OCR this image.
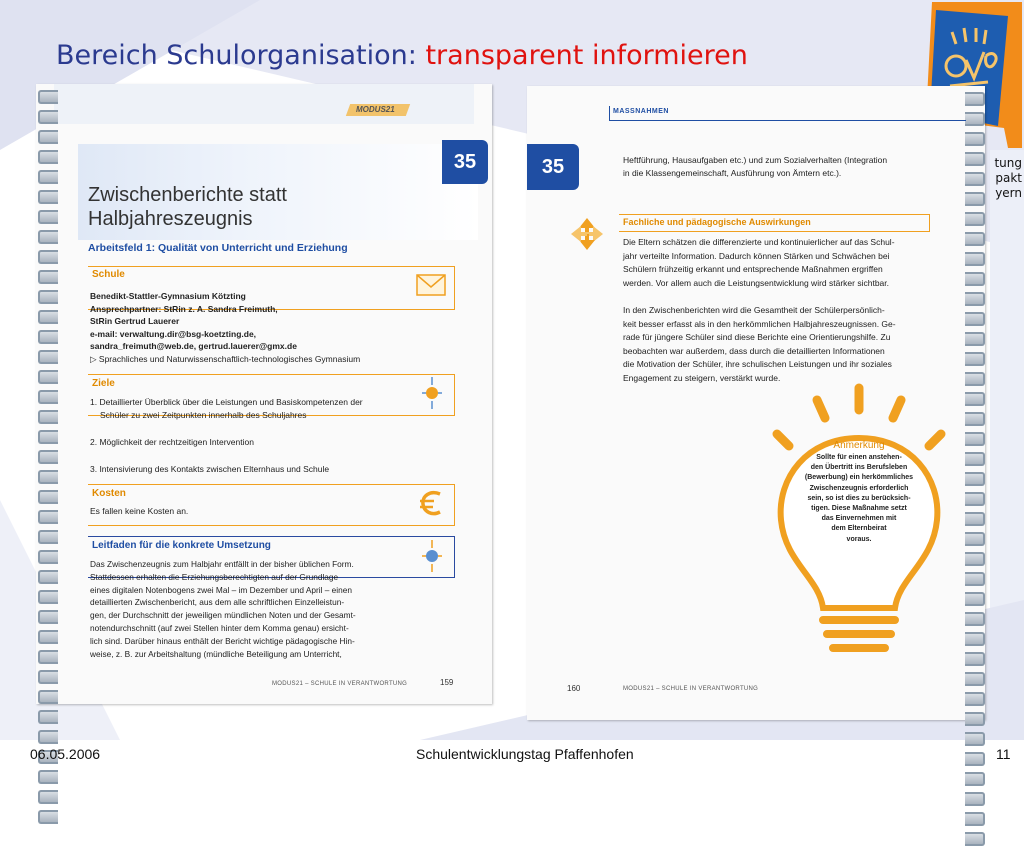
Bereich Schulorganisation: transparent informieren
tung
pakt
yern
MODUS21
35
Zwischenberichte statt
Halbjahreszeugnis
Arbeitsfeld 1: Qualität von Unterricht und Erziehung
Schule
Benedikt-Stattler-Gymnasium Kötzting
Ansprechpartner: StRin z. A. Sandra Freimuth,
StRin Gertrud Lauerer
e-mail: verwaltung.dir@bsg-koetzting.de,
sandra_freimuth@web.de, gertrud.lauerer@gmx.de
▷ Sprachliches und Naturwissenschaftlich-technologisches Gymnasium
Ziele
1. Detaillierter Überblick über die Leistungen und Basiskompetenzen der
Schüler zu zwei Zeitpunkten innerhalb des Schuljahres
2. Möglichkeit der rechtzeitigen Intervention
3. Intensivierung des Kontakts zwischen Elternhaus und Schule
Kosten
Es fallen keine Kosten an.
Leitfaden für die konkrete Umsetzung
Das Zwischenzeugnis zum Halbjahr entfällt in der bisher üblichen Form.
Stattdessen erhalten die Erziehungsberechtigten auf der Grundlage
eines digitalen Notenbogens zwei Mal – im Dezember und April – einen
detaillierten Zwischenbericht, aus dem alle schriftlichen Einzelleistun-
gen, der Durchschnitt der jeweiligen mündlichen Noten und der Gesamt-
notendurchschnitt (auf zwei Stellen hinter dem Komma genau) ersicht-
lich sind. Darüber hinaus enthält der Bericht wichtige pädagogische Hin-
weise, z. B. zur Arbeitshaltung (mündliche Beteiligung am Unterricht,
MODUS21 – SCHULE IN VERANTWORTUNG	159
MASSNAHMEN
35	Heftführung, Hausaufgaben etc.) und zum Sozialverhalten (Integration
in die Klassengemeinschaft, Ausführung von Ämtern etc.).
Fachliche und pädagogische Auswirkungen
Die Eltern schätzen die differenzierte und kontinuierlicher auf das Schul-
jahr verteilte Information. Dadurch können Stärken und Schwächen bei
Schülern frühzeitig erkannt und entsprechende Maßnahmen ergriffen
werden. Vor allem auch die Leistungsentwicklung wird stärker sichtbar.
In den Zwischenberichten wird die Gesamtheit der Schülerpersönlich-
keit besser erfasst als in den herkömmlichen Halbjahreszeugnissen. Ge-
rade für jüngere Schüler sind diese Berichte eine Orientierungshilfe. Zu
beobachten war außerdem, dass durch die detaillierten Informationen
die Motivation der Schüler, ihre schulischen Leistungen und ihr soziales
Engagement zu steigern, verstärkt wurde.
Anmerkung
Sollte für einen anstehen-
den Übertritt ins Berufsleben
(Bewerbung) ein herkömmliches
Zwischenzeugnis erforderlich
sein, so ist dies zu berücksich-
tigen. Diese Maßnahme setzt
das Einvernehmen mit
dem Elternbeirat
voraus.
160	MODUS21 – SCHULE IN VERANTWORTUNG
06.05.2006	Schulentwicklungstag Pfaffenhofen	11
